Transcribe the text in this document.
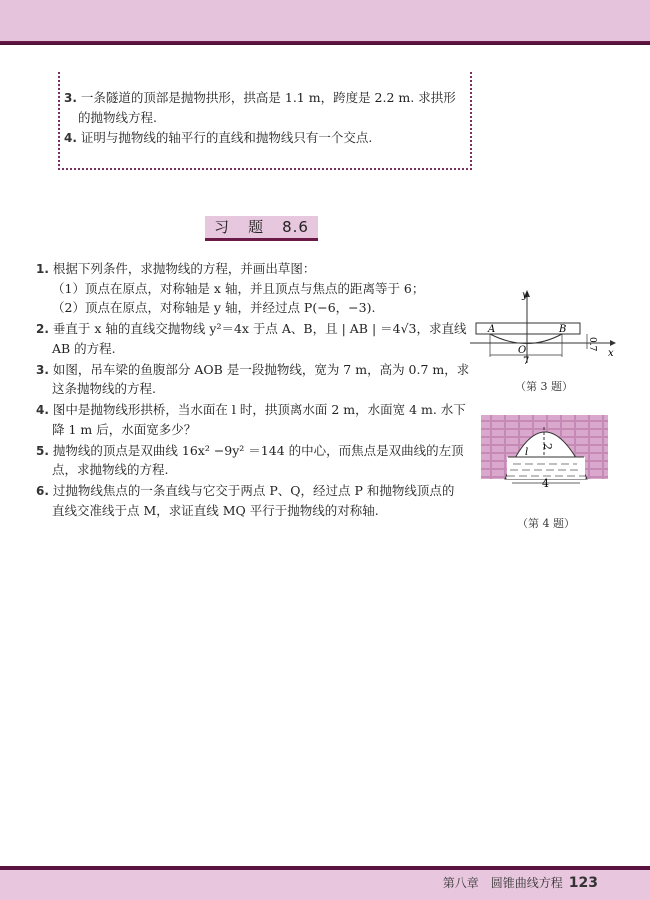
3. 一条隧道的顶部是抛物拱形，拱高是 1.1 m，跨度是 2.2 m. 求拱形
的抛物线方程.
4. 证明与抛物线的轴平行的直线和抛物线只有一个交点.
习 题 8.6
1. 根据下列条件，求抛物线的方程，并画出草图：
（1）顶点在原点，对称轴是 x 轴，并且顶点与焦点的距离等于 6；
（2）顶点在原点，对称轴是 y 轴，并经过点 P(−6，−3).
2. 垂直于 x 轴的直线交抛物线 y²＝4x 于点 A、B，且 | AB | ＝4√3，求直线
AB 的方程.
3. 如图，吊车梁的鱼腹部分 AOB 是一段抛物线，宽为 7 m，高为 0.7 m，求
这条抛物线的方程.
4. 图中是抛物线形拱桥，当水面在 l 时，拱顶离水面 2 m，水面宽 4 m. 水下
降 1 m 后，水面宽多少？
5. 抛物线的顶点是双曲线 16x² −9y² ＝144 的中心，而焦点是双曲线的左顶
点，求抛物线的方程.
6. 过抛物线焦点的一条直线与它交于两点 P、Q，经过点 P 和抛物线顶点的
直线交准线于点 M，求证直线 MQ 平行于抛物线的对称轴.
y
x
A	B
O
7
0.7
（第 3 题）
2
l
4
（第 4 题）
第八章　圆锥曲线方程 123
